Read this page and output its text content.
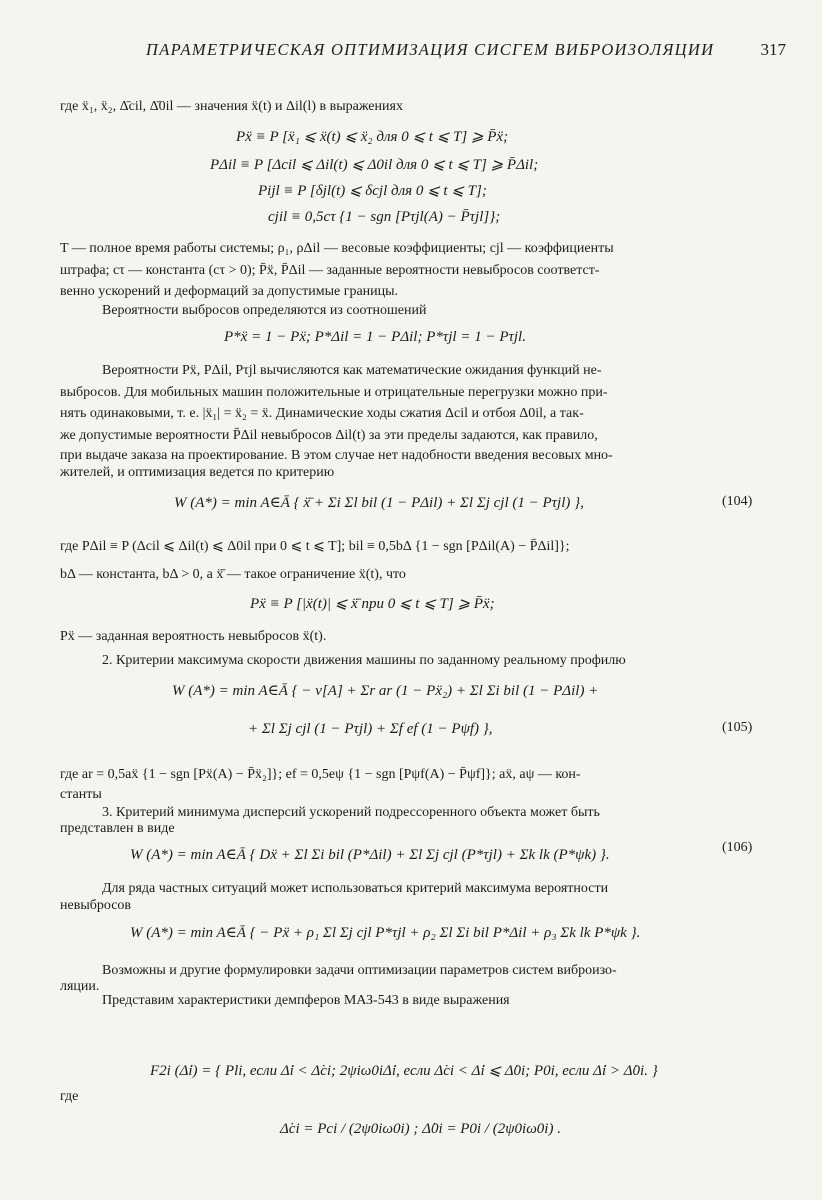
ПАРАМЕТРИЧЕСКАЯ ОПТИМИЗАЦИЯ СИСГЕМ ВИБРОИЗОЛЯЦИИ	317
где ẍ₁, ẍ₂, Δ̄cil, Δ̄0il — значения ẍ(t) и Δil(l) в выражениях
Pẍ ≡ P [ẍ₁ ⩽ ẍ(t) ⩽ ẍ₂ для 0 ⩽ t ⩽ T] ⩾ P̄ẍ;
PΔil ≡ P [Δcil ⩽ Δil(t) ⩽ Δ0il для 0 ⩽ t ⩽ T] ⩾ P̄Δil;
Pijl ≡ P [δjl(t) ⩽ δcjl для 0 ⩽ t ⩽ T];
cjil ≡ 0,5cτ {1 − sgn [Pτjl(A) − P̄τjl]};
T — полное время работы системы; ρ₁, ρΔil — весовые коэффициенты; cjl — коэффициенты
штрафа; cτ — константа (cτ > 0); P̄ẍ, P̄Δil — заданные вероятности невыбросов соответст-
венно ускорений и деформаций за допустимые границы.
Вероятности выбросов определяются из соотношений
P*ẍ = 1 − Pẍ; P*Δil = 1 − PΔil; P*τjl = 1 − Pτjl.
Вероятности Pẍ, PΔil, Pτjl вычисляются как математические ожидания функций не-
выбросов. Для мобильных машин положительные и отрицательные перегрузки можно при-
нять одинаковыми, т. е. |ẍ₁| = ẍ₂ = ẍ. Динамические ходы сжатия Δcil и отбоя Δ0il, а так-
же допустимые вероятности P̄Δil невыбросов Δil(t) за эти пределы задаются, как правило,
при выдаче заказа на проектирование. В этом случае нет надобности введения весовых мно-
жителей, и оптимизация ведется по критерию
W (A*) = min A∈Ā { ẍ̄ + Σi Σl bil (1 − PΔil) + Σl Σj cjl (1 − Pτjl) },	(104)
где PΔil ≡ P (Δcil ⩽ Δil(t) ⩽ Δ0il при 0 ⩽ t ⩽ T]; bil ≡ 0,5bΔ {1 − sgn [PΔil(A) − P̄Δil]};
bΔ — константа, bΔ > 0, а ẍ̄ — такое ограничение ẍ(t), что
Pẍ ≡ P [|ẍ(t)| ⩽ ẍ̄ при 0 ⩽ t ⩽ T] ⩾ P̄ẍ;
Pẍ — заданная вероятность невыбросов ẍ(t).
2. Критерии максимума скорости движения машины по заданному реальному профилю
W (A*) = min A∈Ā { − v[A] + Σr ar (1 − Pẍ₂) + Σl Σi bil (1 − PΔil) +
+ Σl Σj cjl (1 − Pτjl) + Σf ef (1 − Pψf) },	(105)
где ar = 0,5aẍ {1 − sgn [Pẍ(A) − P̄ẍ₂]}; ef = 0,5eψ {1 − sgn [Pψf(A) − P̄ψf]}; aẍ, aψ — кон-
станты
3. Критерий минимума дисперсий ускорений подрессоренного объекта может быть
представлен в виде
W (A*) = min A∈Ā { Dẍ + Σl Σi bil (P*Δil) + Σl Σj cjl (P*τjl) + Σk lk (P*ψk) }.	(106)
Для ряда частных ситуаций может использоваться критерий максимума вероятности
невыбросов
W (A*) = min A∈Ā { − Pẍ + ρ₁ Σl Σj cjl P*τjl + ρ₂ Σl Σi bil P*Δil + ρ₃ Σk lk P*ψk }.
Возможны и другие формулировки задачи оптимизации параметров систем виброизо-
ляции.
Представим характеристики демпферов МАЗ-543 в виде выражения
F2i (Δ̇i) = { Pli, если Δ̇i < Δ̇ci; 2ψiω0iΔ̇i, если Δ̇ci < Δ̇i ⩽ Δ̇0i; P0i, если Δ̇i > Δ̇0i. }
где
Δ̇ci = Pci / (2ψ0iω0i) ; Δ̇0i = P0i / (2ψ0iω0i) .
